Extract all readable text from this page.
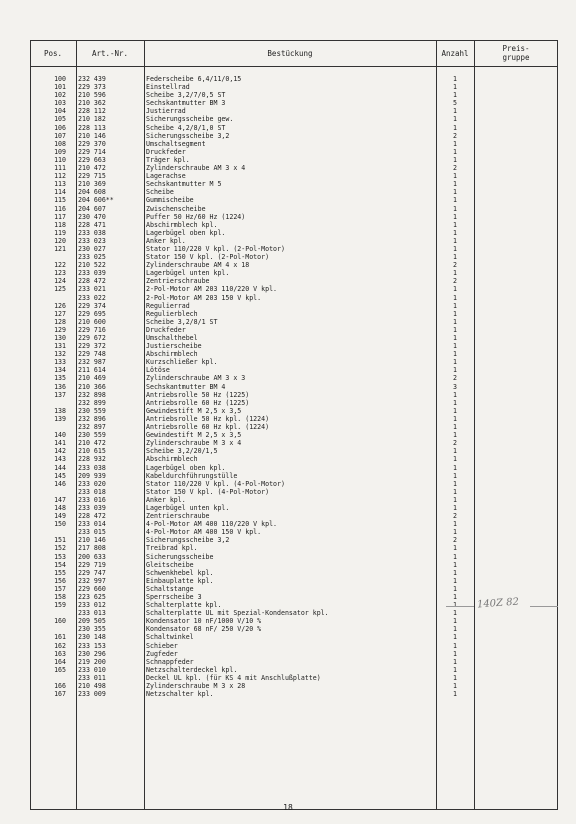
Pos.	Art.-Nr.	Bestückung	Anzahl	Preis-
gruppe
100 232 439	Federscheibe 6,4/11/0,15	1
101 229 373	Einstellrad	1
102 210 596	Scheibe 3,2/7/0,5 ST	1
103 210 362	Sechskantmutter BM 3	5
104 228 112	Justierrad	1
105 210 182	Sicherungsscheibe gew.	1
106 228 113	Scheibe 4,2/8/1,0 ST	1
107 210 146	Sicherungsscheibe 3,2	2
108 229 370	Umschaltsegment	1
109 229 714	Druckfeder	1
110 229 663	Träger kpl.	1
111 210 472	Zylinderschraube AM 3 x 4	2
112 229 715	Lagerachse	1
113 210 369	Sechskantmutter M 5	1
114 204 608	Scheibe	1
115 204 606**	Gummischeibe	1
116 204 607	Zwischenscheibe	1
117 230 470	Puffer 50 Hz/60 Hz (1224)	1
118 228 471	Abschirmblech kpl.	1
119 233 038	Lagerbügel oben kpl.	1
120 233 023	Anker kpl.	1
121 230 027	Stator 110/220 V kpl. (2-Pol-Motor)	1
233 025	Stator 150 V kpl. (2-Pol-Motor)	1
122 210 522	Zylinderschraube AM 4 x 18	2
123 233 039	Lagerbügel unten kpl.	1
124 228 472	Zentrierschraube	2
125 233 021	2-Pol-Motor AM 203 110/220 V kpl.	1
233 022	2-Pol-Motor AM 203 150 V kpl.	1
126 229 374	Regulierrad	1
127 229 695	Regulierblech	1
128 210 600	Scheibe 3,2/8/1 ST	1
129 229 716	Druckfeder	1
130 229 672	Umschalthebel	1
131 229 372	Justierscheibe	1
132 229 748	Abschirmblech	1
133 232 987	Kurzschließer kpl.	1
134 211 614	Lötöse	1
135 210 469	Zylinderschraube AM 3 x 3	2
136 210 366	Sechskantmutter BM 4	3
137 232 898	Antriebsrolle 50 Hz (1225)	1
232 899	Antriebsrolle 60 Hz (1225)	1
138 230 559	Gewindestift M 2,5 x 3,5	1
139 232 896	Antriebsrolle 50 Hz kpl. (1224)	1
232 897	Antriebsrolle 60 Hz kpl. (1224)	1
140 230 559	Gewindestift M 2,5 x 3,5	1
141 210 472	Zylinderschraube M 3 x 4	2
142 210 615	Scheibe 3,2/20/1,5	1
143 228 932	Abschirmblech	1
144 233 038	Lagerbügel oben kpl.	1
145 209 939	Kabeldurchführungstülle	1
146 233 020	Stator 110/220 V kpl. (4-Pol-Motor)	1
233 018	Stator 150 V kpl. (4-Pol-Motor)	1
147 233 016	Anker kpl.	1
148 233 039	Lagerbügel unten kpl.	1
149 228 472	Zentrierschraube	2
150 233 014	4-Pol-Motor AM 400 110/220 V kpl.	1
233 015	4-Pol-Motor AM 400 150 V kpl.	1
151 210 146	Sicherungsscheibe 3,2	2
152 217 808	Treibrad kpl.	1
153 200 633	Sicherungsscheibe	1
154 229 719	Gleitscheibe	1
155 229 747	Schwenkhebel kpl.	1
156 232 997	Einbauplatte kpl.	1
157 229 660	Schaltstange	1
158 223 625	Sperrscheibe 3	1
159 233 012	Schalterplatte kpl.	1
233 013	Schalterplatte UL mit Spezial-Kondensator kpl.	1
160 209 505	Kondensator 10 nF/1000 V/10 %	1
230 355	Kondensator 68 nF/ 250 V/20 %	1
161 230 148	Schaltwinkel	1
162 233 153	Schieber	1
163 230 296	Zugfeder	1
164 219 200	Schnappfeder	1
165 233 010	Netzschalterdeckel kpl.	1
233 011	Deckel UL kpl. (für KS 4 mit Anschlußplatte)	1
166 210 498	Zylinderschraube M 3 x 28	1
167 233 009	Netzschalter kpl.	1
140Z 82
18
